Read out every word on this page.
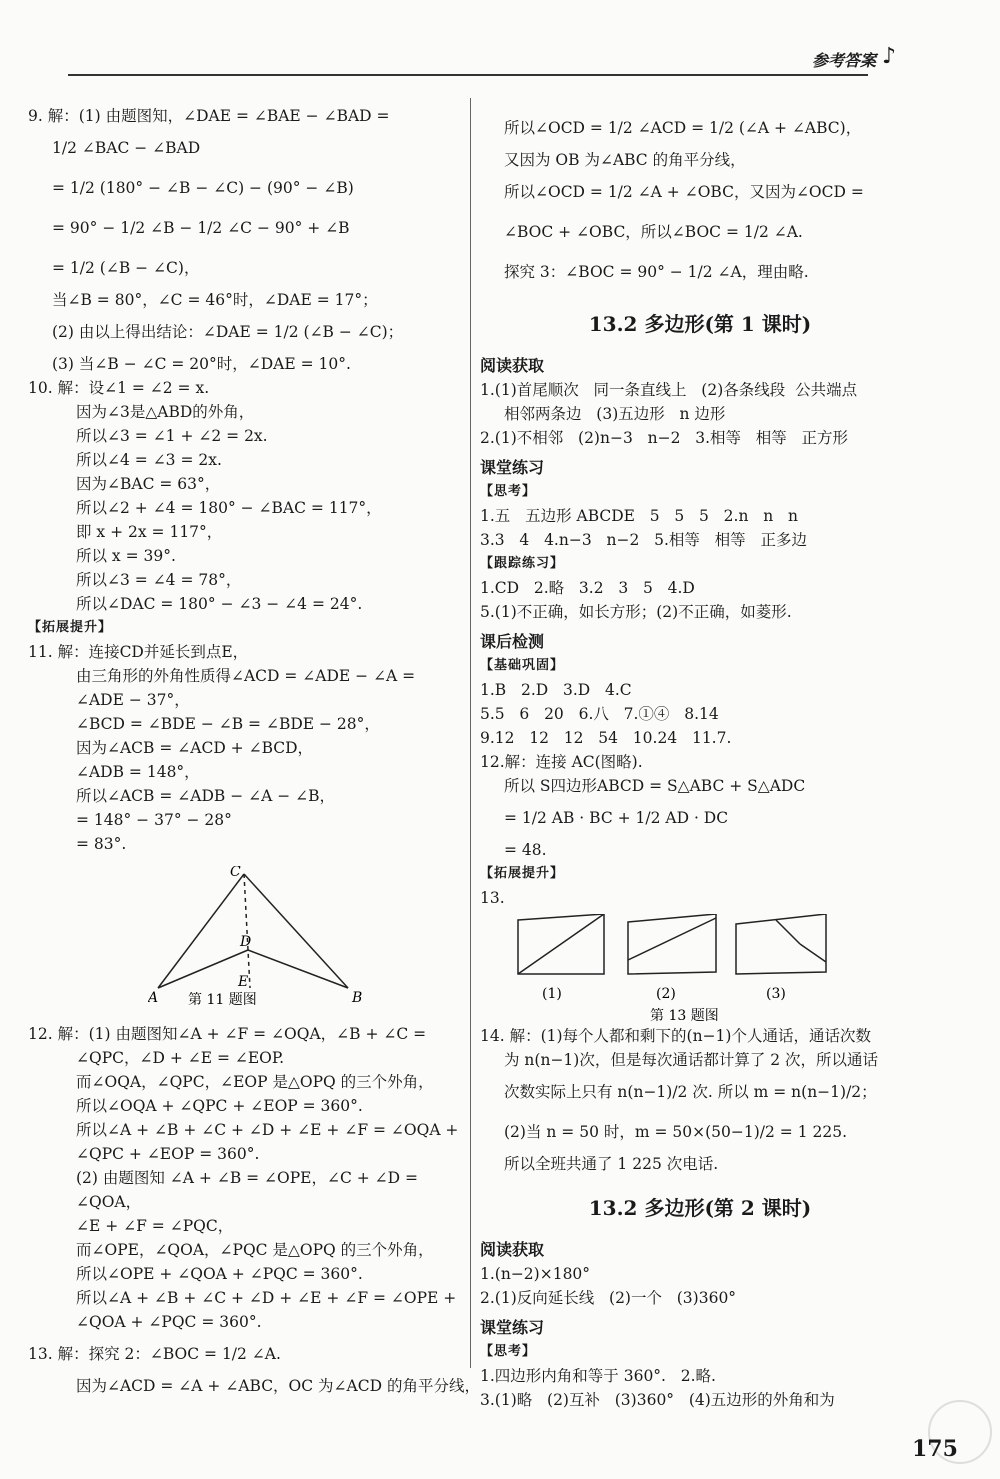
参考答案 ♪
9. 解：(1) 由题图知，∠DAE = ∠BAE − ∠BAD =
1/2 ∠BAC − ∠BAD
= 1/2 (180° − ∠B − ∠C) − (90° − ∠B)
= 90° − 1/2 ∠B − 1/2 ∠C − 90° + ∠B
= 1/2 (∠B − ∠C)，
当∠B = 80°，∠C = 46°时，∠DAE = 17°；
(2) 由以上得出结论：∠DAE = 1/2 (∠B − ∠C)；
(3) 当∠B − ∠C = 20°时，∠DAE = 10°.
10. 解：设∠1 = ∠2 = x.
因为∠3是△ABD的外角，
所以∠3 = ∠1 + ∠2 = 2x.
所以∠4 = ∠3 = 2x.
因为∠BAC = 63°，
所以∠2 + ∠4 = 180° − ∠BAC = 117°，
即 x + 2x = 117°，
所以 x = 39°.
所以∠3 = ∠4 = 78°，
所以∠DAC = 180° − ∠3 − ∠4 = 24°.
【拓展提升】
11. 解：连接CD并延长到点E，
由三角形的外角性质得∠ACD = ∠ADE − ∠A =
∠ADE − 37°，
∠BCD = ∠BDE − ∠B = ∠BDE − 28°，
因为∠ACB = ∠ACD + ∠BCD，
∠ADB = 148°，
所以∠ACB = ∠ADB − ∠A − ∠B，
= 148° − 37° − 28°
= 83°.
C
D
E
A	B
第 11 题图
12. 解：(1) 由题图知∠A + ∠F = ∠OQA，∠B + ∠C =
∠QPC，∠D + ∠E = ∠EOP.
而∠OQA，∠QPC，∠EOP 是△OPQ 的三个外角，
所以∠OQA + ∠QPC + ∠EOP = 360°.
所以∠A + ∠B + ∠C + ∠D + ∠E + ∠F = ∠OQA +
∠QPC + ∠EOP = 360°.
(2) 由题图知 ∠A + ∠B = ∠OPE，∠C + ∠D =
∠QOA，
∠E + ∠F = ∠PQC，
而∠OPE，∠QOA，∠PQC 是△OPQ 的三个外角，
所以∠OPE + ∠QOA + ∠PQC = 360°.
所以∠A + ∠B + ∠C + ∠D + ∠E + ∠F = ∠OPE +
∠QOA + ∠PQC = 360°.
13. 解：探究 2：∠BOC = 1/2 ∠A.
因为∠ACD = ∠A + ∠ABC，OC 为∠ACD 的角平分线，
所以∠OCD = 1/2 ∠ACD = 1/2 (∠A + ∠ABC)，
又因为 OB 为∠ABC 的角平分线，
所以∠OCD = 1/2 ∠A + ∠OBC，又因为∠OCD =
∠BOC + ∠OBC，所以∠BOC = 1/2 ∠A.
探究 3：∠BOC = 90° − 1/2 ∠A，理由略.
13.2 多边形(第 1 课时)
阅读获取
1.(1)首尾顺次   同一条直线上   (2)各条线段  公共端点
相邻两条边   (3)五边形   n 边形
2.(1)不相邻   (2)n−3   n−2   3.相等   相等   正方形
课堂练习
【思考】
1.五   五边形 ABCDE   5   5   5   2.n   n   n
3.3   4   4.n−3   n−2   5.相等   相等   正多边
【跟踪练习】
1.CD   2.略   3.2   3   5   4.D
5.(1)不正确，如长方形；(2)不正确，如菱形.
课后检测
【基础巩固】
1.B   2.D   3.D   4.C
5.5   6   20   6.八   7.①④   8.14
9.12   12   12   54   10.24   11.7.
12.解：连接 AC(图略).
所以 S四边形ABCD = S△ABC + S△ADC
= 1/2 AB · BC + 1/2 AD · DC
= 48.
【拓展提升】
13.
(1)	(2)	(3)
第 13 题图
14. 解：(1)每个人都和剩下的(n−1)个人通话，通话次数
为 n(n−1)次，但是每次通话都计算了 2 次，所以通话
次数实际上只有 n(n−1)/2 次. 所以 m = n(n−1)/2；
(2)当 n = 50 时，m = 50×(50−1)/2 = 1 225.
所以全班共通了 1 225 次电话.
13.2 多边形(第 2 课时)
阅读获取
1.(n−2)×180°
2.(1)反向延长线   (2)一个   (3)360°
课堂练习
【思考】
1.四边形内角和等于 360°.   2.略.
3.(1)略   (2)互补   (3)360°   (4)五边形的外角和为
175
